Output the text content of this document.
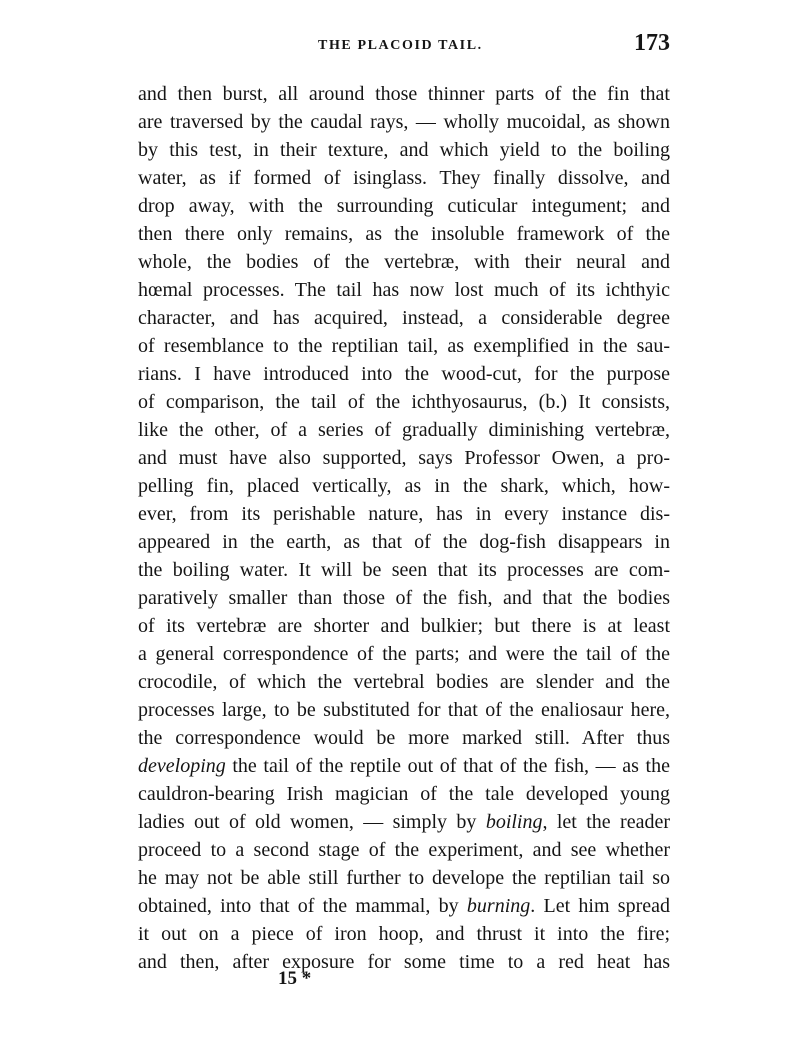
THE PLACOID TAIL.	173
and then burst, all around those thinner parts of the fin that
are traversed by the caudal rays, — wholly mucoidal, as shown
by this test, in their texture, and which yield to the boiling
water, as if formed of isinglass. They finally dissolve, and
drop away, with the surrounding cuticular integument; and
then there only remains, as the insoluble framework of the
whole, the bodies of the vertebræ, with their neural and
hœmal processes. The tail has now lost much of its ichthyic
character, and has acquired, instead, a considerable degree
of resemblance to the reptilian tail, as exemplified in the sau-
rians. I have introduced into the wood-cut, for the purpose
of comparison, the tail of the ichthyosaurus, (b.) It consists,
like the other, of a series of gradually diminishing vertebræ,
and must have also supported, says Professor Owen, a pro-
pelling fin, placed vertically, as in the shark, which, how-
ever, from its perishable nature, has in every instance dis-
appeared in the earth, as that of the dog-fish disappears in
the boiling water. It will be seen that its processes are com-
paratively smaller than those of the fish, and that the bodies
of its vertebræ are shorter and bulkier; but there is at least
a general correspondence of the parts; and were the tail of the
crocodile, of which the vertebral bodies are slender and the
processes large, to be substituted for that of the enaliosaur here,
the correspondence would be more marked still. After thus
developing the tail of the reptile out of that of the fish, — as the
cauldron-bearing Irish magician of the tale developed young
ladies out of old women, — simply by boiling, let the reader
proceed to a second stage of the experiment, and see whether
he may not be able still further to develope the reptilian tail so
obtained, into that of the mammal, by burning. Let him spread
it out on a piece of iron hoop, and thrust it into the fire;
and then, after exposure for some time to a red heat has
15 *
